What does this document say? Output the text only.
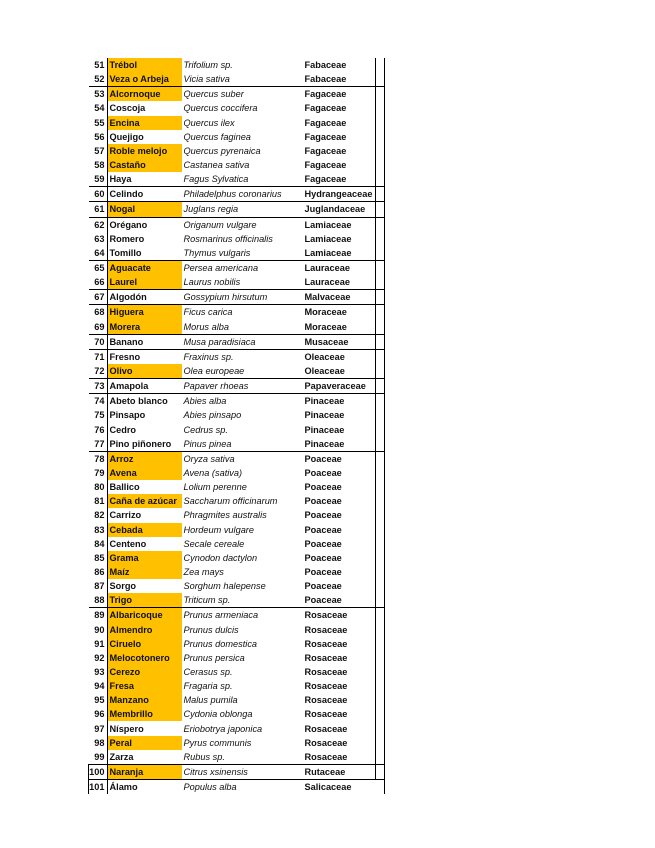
51	Trébol	Trifolium sp.	Fabaceae
52	Veza o Arbeja	Vicia sativa	Fabaceae
53	Alcornoque	Quercus suber	Fagaceae
54	Coscoja	Quercus coccifera	Fagaceae
55	Encina	Quercus ilex	Fagaceae
56	Quejigo	Quercus faginea	Fagaceae
57	Roble melojo	Quercus pyrenaica	Fagaceae
58	Castaño	Castanea sativa	Fagaceae
59	Haya	Fagus Sylvatica	Fagaceae
60	Celindo	Philadelphus coronarius	Hydrangeaceae
61	Nogal	Juglans regia	Juglandaceae
62	Orégano	Origanum vulgare	Lamiaceae
63	Romero	Rosmarinus officinalis	Lamiaceae
64	Tomillo	Thymus vulgaris	Lamiaceae
65	Aguacate	Persea americana	Lauraceae
66	Laurel	Laurus nobilis	Lauraceae
67	Algodón	Gossypium hirsutum	Malvaceae
68	Higuera	Ficus carica	Moraceae
69	Morera	Morus alba	Moraceae
70	Banano	Musa paradisiaca	Musaceae
71	Fresno	Fraxinus sp.	Oleaceae
72	Olivo	Olea europeae	Oleaceae
73	Amapola	Papaver rhoeas	Papaveraceae
74	Abeto blanco	Abies alba	Pinaceae
75	Pinsapo	Abies pinsapo	Pinaceae
76	Cedro	Cedrus sp.	Pinaceae
77	Pino piñonero	Pinus pinea	Pinaceae
78	Arroz	Oryza sativa	Poaceae
79	Avena	Avena (sativa)	Poaceae
80	Ballico	Lolium perenne	Poaceae
81	Caña de azúcar	Saccharum officinarum	Poaceae
82	Carrizo	Phragmites australis	Poaceae
83	Cebada	Hordeum vulgare	Poaceae
84	Centeno	Secale cereale	Poaceae
85	Grama	Cynodon dactylon	Poaceae
86	Maíz	Zea mays	Poaceae
87	Sorgo	Sorghum halepense	Poaceae
88	Trigo	Triticum sp.	Poaceae
89	Albaricoque	Prunus armeniaca	Rosaceae
90	Almendro	Prunus dulcis	Rosaceae
91	Ciruelo	Prunus domestica	Rosaceae
92	Melocotonero	Prunus persica	Rosaceae
93	Cerezo	Cerasus sp.	Rosaceae
94	Fresa	Fragaria sp.	Rosaceae
95	Manzano	Malus pumila	Rosaceae
96	Membrillo	Cydonia oblonga	Rosaceae
97	Níspero	Eriobotrya japonica	Rosaceae
98	Peral	Pyrus communis	Rosaceae
99	Zarza	Rubus sp.	Rosaceae
100	Naranja	Citrus xsinensis	Rutaceae
101	Álamo	Populus alba	Salicaceae
